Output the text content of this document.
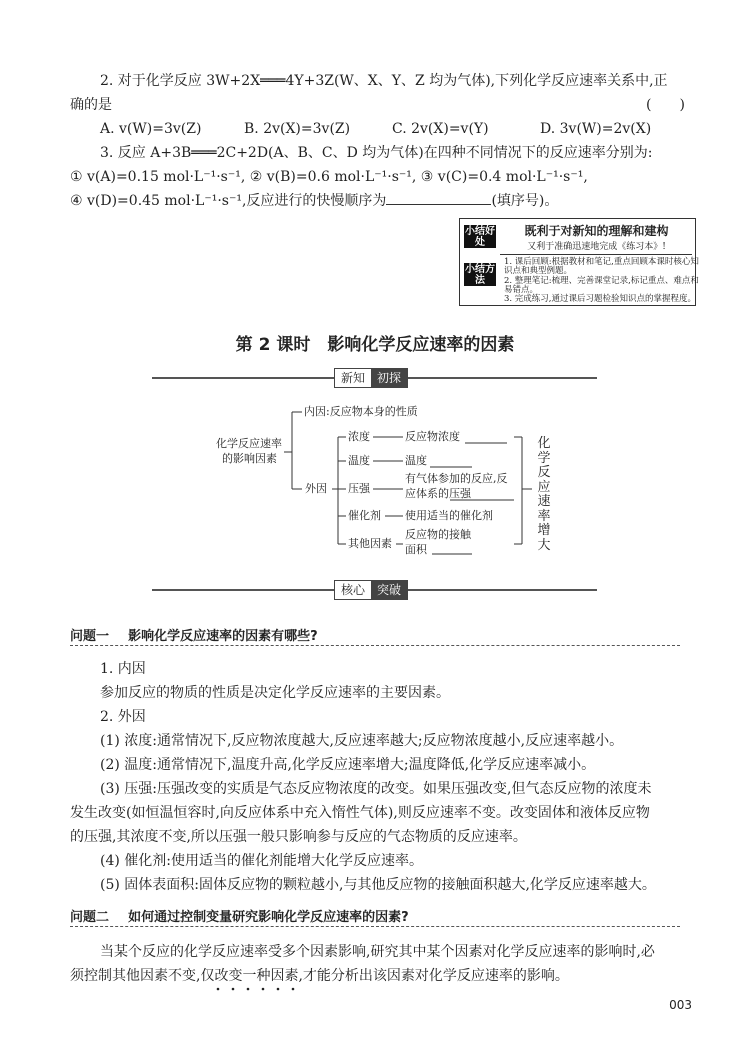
2. 对于化学反应 3W+2X═══4Y+3Z(W、X、Y、Z 均为气体),下列化学反应速率关系中,正
确的是	(　　)
A. v(W)=3v(Z)	B. 2v(X)=3v(Z)	C. 2v(X)=v(Y)	D. 3v(W)=2v(X)
3. 反应 A+3B═══2C+2D(A、B、C、D 均为气体)在四种不同情况下的反应速率分别为:
① v(A)=0.15 mol·L⁻¹·s⁻¹, ② v(B)=0.6 mol·L⁻¹·s⁻¹, ③ v(C)=0.4 mol·L⁻¹·s⁻¹,
④ v(D)=0.45 mol·L⁻¹·s⁻¹,反应进行的快慢顺序为	(填序号)。
小结好处
既利于对新知的理解和建构
又利于准确迅速地完成《练习本》!
小结方法
1. 课后回顾:根据教材和笔记,重点回顾本课时核心知
识点和典型例题。
2. 整理笔记:梳理、完善课堂记录,标记重点、难点和
易错点。
3. 完成练习,通过课后习题检验知识点的掌握程度。
第 2 课时　影响化学反应速率的因素
新知	初探
化学反应速率
的影响因素
内因:反应物本身的性质
外因
浓度	反应物浓度
温度	温度
压强
有气体参加的反应,反
应体系的压强
催化剂 使用适当的催化剂
其他因素
反应物的接触
面积
化学反应速率增大
核心	突破
问题一 影响化学反应速率的因素有哪些?
1. 内因
参加反应的物质的性质是决定化学反应速率的主要因素。
2. 外因
(1) 浓度:通常情况下,反应物浓度越大,反应速率越大;反应物浓度越小,反应速率越小。
(2) 温度:通常情况下,温度升高,化学反应速率增大;温度降低,化学反应速率减小。
(3) 压强:压强改变的实质是气态反应物浓度的改变。如果压强改变,但气态反应物的浓度未
发生改变(如恒温恒容时,向反应体系中充入惰性气体),则反应速率不变。改变固体和液体反应物
的压强,其浓度不变,所以压强一般只影响参与反应的气态物质的反应速率。
(4) 催化剂:使用适当的催化剂能增大化学反应速率。
(5) 固体表面积:固体反应物的颗粒越小,与其他反应物的接触面积越大,化学反应速率越大。
问题二 如何通过控制变量研究影响化学反应速率的因素?
当某个反应的化学反应速率受多个因素影响,研究其中某个因素对化学反应速率的影响时,必
须控制其他因素不变,仅改变一种因素,才能分析出该因素对化学反应速率的影响。
003
